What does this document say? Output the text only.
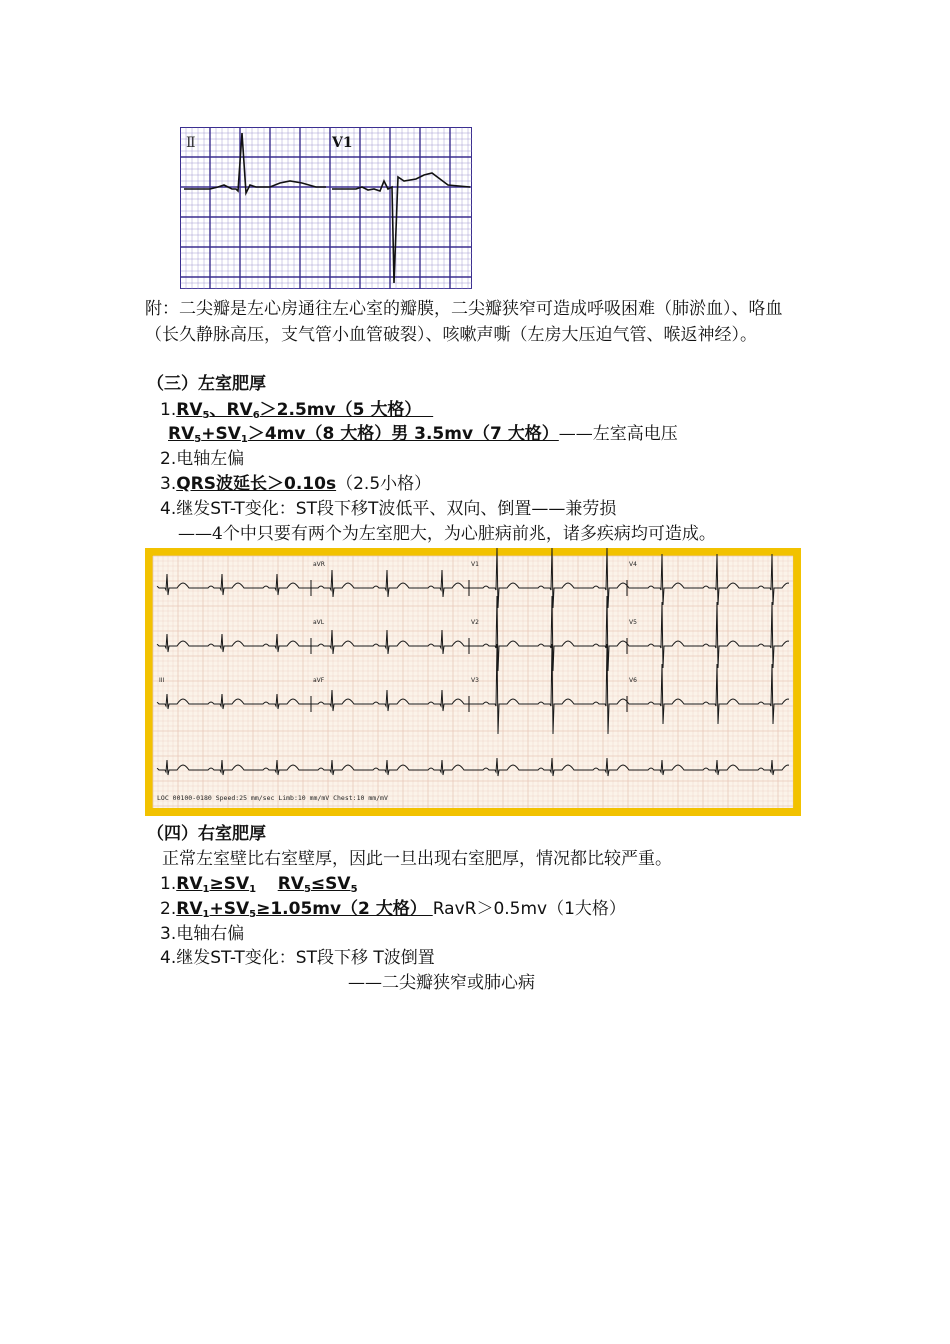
Ⅱ	V1
附：二尖瓣是左心房通往左心室的瓣膜，二尖瓣狭窄可造成呼吸困难（肺淤血）、咯血（长久静脉高压，支气管小血管破裂）、咳嗽声嘶（左房大压迫气管、喉返神经）。
（三）左室肥厚
$1.RV_5$、$RV_6>2.5mv(5$ 大格）
$RV_5+SV_1>4mv(8$ 大格）男 3.5mv（7 大格）——左室高电压
2.电轴左偏
3.QRS波延长＞0.10s（2.5小格）
4.继发ST-T变化：ST段下移T波低平、双向、倒置——兼劳损
——4个中只要有两个为左室肥大，为心脏病前兆，诸多疾病均可造成。
aVR	V1	V4
aVL	V2	V5
III	aVF	V3	V6
LOC 00100-0180 Speed:25 mm/sec Limb:10 mm/mV Chest:10 mm/mV
（四）右室肥厚
正常左室壁比右室壁厚，因此一旦出现右室肥厚，情况都比较严重。
$1.RV_1\ge SV_1$ $RV_5\le SV_5$
$2.RV_1+SV_5\ge 1.05mv(2$ 大格） RavR＞0.5mv（1大格）
3.电轴右偏
4.继发ST-T变化：ST段下移 T波倒置
——二尖瓣狭窄或肺心病
